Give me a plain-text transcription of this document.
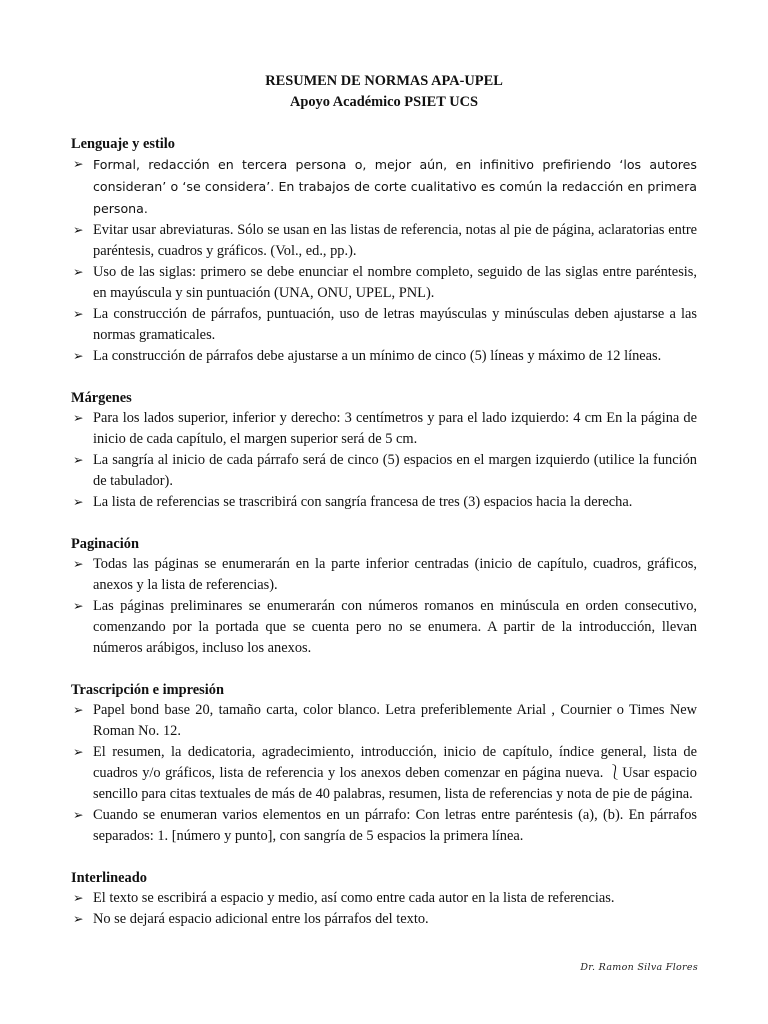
RESUMEN DE NORMAS APA-UPEL
Apoyo Académico PSIET UCS

Lenguaje y estilo

➢ Formal, redacción en tercera persona o, mejor aún, en infinitivo prefiriendo ‘los autores consideran’ o ‘se considera’. En trabajos de corte cualitativo es común la redacción en primera persona.
➢ Evitar usar abreviaturas. Sólo se usan en las listas de referencia, notas al pie de página, aclaratorias entre paréntesis, cuadros y gráficos. (Vol., ed., pp.).
➢ Uso de las siglas: primero se debe enunciar el nombre completo, seguido de las siglas entre paréntesis, en mayúscula y sin puntuación (UNA, ONU, UPEL, PNL).
➢ La construcción de párrafos, puntuación, uso de letras mayúsculas y minúsculas deben ajustarse a las normas gramaticales.
➢ La construcción de párrafos debe ajustarse a un mínimo de cinco (5) líneas y máximo de 12 líneas.

Márgenes

➢ Para los lados superior, inferior y derecho: 3 centímetros y para el lado izquierdo: 4 cm En la página de inicio de cada capítulo, el margen superior será de 5 cm.
➢ La sangría al inicio de cada párrafo será de cinco (5) espacios en el margen izquierdo (utilice la función de tabulador).
➢ La lista de referencias se trascribirá con sangría francesa de tres (3) espacios hacia la derecha.

Paginación

➢ Todas las páginas se enumerarán en la parte inferior centradas (inicio de capítulo, cuadros, gráficos, anexos y la lista de referencias).
➢ Las páginas preliminares se enumerarán con números romanos en minúscula en orden consecutivo, comenzando por la portada que se cuenta pero no se enumera. A partir de la introducción, llevan números arábigos, incluso los anexos.

Trascripción e impresión

➢ Papel bond base 20, tamaño carta, color blanco. Letra preferiblemente Arial , Cournier o Times New Roman No. 12.
➢ El resumen, la dedicatoria, agradecimiento, introducción, inicio de capítulo, índice general, lista de cuadros y/o gráficos, lista de referencia y los anexos deben comenzar en página nueva. ⎱Usar espacio sencillo para citas textuales de más de 40 palabras, resumen, lista de referencias y nota de pie de página.
➢ Cuando se enumeran varios elementos en un párrafo: Con letras entre paréntesis (a), (b). En párrafos separados: 1. [número y punto], con sangría de 5 espacios la primera línea.

Interlineado

➢ El texto se escribirá a espacio y medio, así como entre cada autor en la lista de referencias.
➢ No se dejará espacio adicional entre los párrafos del texto.
Dr. Ramon Silva Flores
